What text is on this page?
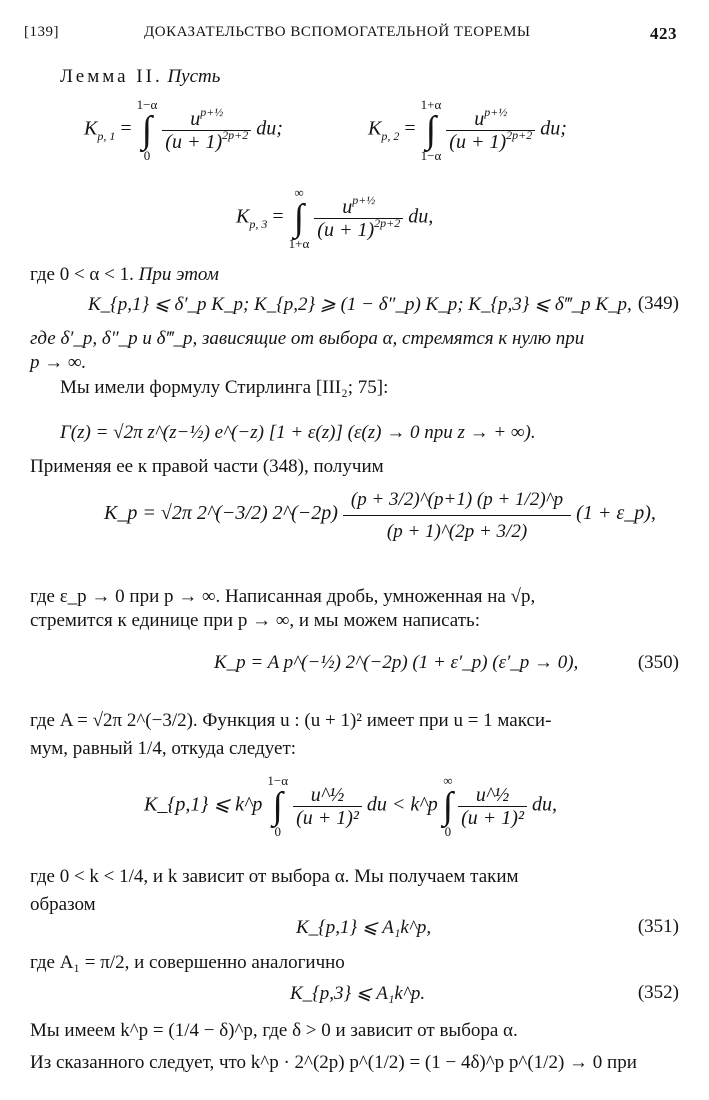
[139]	ДОКАЗАТЕЛЬСТВО ВСПОМОГАТЕЛЬНОЙ ТЕОРЕМЫ	423
Лемма II. Пусть
$K_{p, 1}$ =
1−α
∫
0

$\frac{u^{p+\frac{1}{2}}}{(u + 1)^{2p+2}}$ du;	$K_{p, 2}$ =
1+α
∫
1−α

$\frac{u^{p+\frac{1}{2}}}{(u + 1)^{2p+2}}$ du;
$K_{p, 3}$ =
∞
∫
1+α

$\frac{u^{p+\frac{1}{2}}}{(u + 1)^{2p+2}}$ du,
где 0 < α < 1. При этом
K_{p,1} ⩽ δ′_p K_p; K_{p,2} ⩾ (1 − δ″_p) K_p; K_{p,3} ⩽ δ‴_p K_p, (349)
где δ′_p, δ″_p и δ‴_p, зависящие от выбора α, стремятся к нулю при
p → ∞.
Мы имели формулу Стирлинга [III₂; 75]:
Γ(z) = √2π z^(z−½) e^(−z) [1 + ε(z)] (ε(z) → 0 при z → + ∞).
Применяя ее к правой части (348), получим
K_p = √2π 2^(−3/2) 2^(−2p) $\frac{(p + 3/2)\^{}(p+1) (p + 1/2)\^{}p}{(p + 1)\^{}(2p + 3/2)} (1$ + ε_p),
где ε_p → 0 при p → ∞. Написанная дробь, умноженная на √p,
стремится к единице при p → ∞, и мы можем написать:
K_p = A p^(−½) 2^(−2p) (1 + ε′_p) (ε′_p → 0),	(350)
где A = √2π 2^(−3/2). Функция u : (u + 1)² имеет при u = 1 макси-
мум, равный 1/4, откуда следует:
K_{p,1} ⩽ k^p
1−α
∫
0

$\frac{\text{u\textasciicircum{}½}}{\text{(u + 1)²}}$ du < k^p
∞
∫
0

$\frac{\text{u\textasciicircum{}½}}{\text{(u + 1)²}}$ du,
где 0 < k < 1/4, и k зависит от выбора α. Мы получаем таким
образом
K_{p,1} ⩽ A₁k^p,	(351)
где A₁ = π/2, и совершенно аналогично
K_{p,3} ⩽ A₁k^p.	(352)
Мы имеем k^p = (1/4 − δ)^p, где δ > 0 и зависит от выбора α.
Из сказанного следует, что k^p · 2^(2p) p^(1/2) = (1 − 4δ)^p p^(1/2) → 0 при
